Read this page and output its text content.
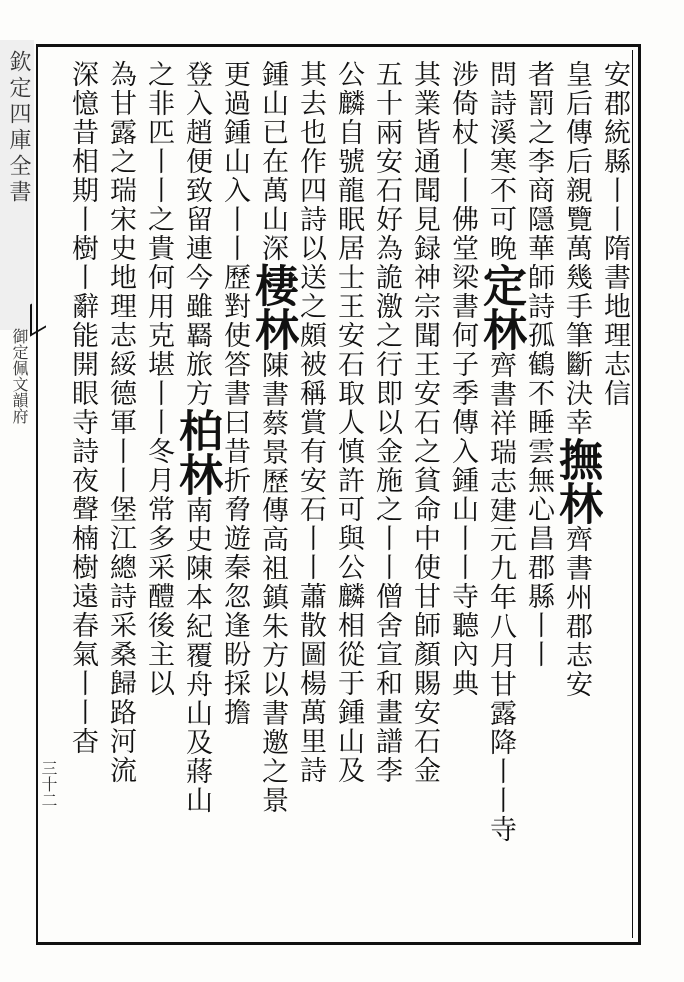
欽定四庫全書
御定佩文韻府	安郡統縣丨丨隋書地理志信
皇后傳后親覽萬幾手筆斷決幸撫林齊書州郡志安
者罰之李商隱華師詩孤鶴不睡雲無心昌郡縣丨丨
問詩溪寒不可晚定林齊書祥瑞志建元九年八月甘露降丨丨寺
涉倚杖丨丨佛堂梁書何子季傳入鍾山丨丨寺聽內典
其業皆通聞見録神宗聞王安石之貧命中使甘師顏賜安石金
五十兩安石好為詭激之行即以金施之丨丨僧舍宣和畫譜李
公麟自號龍眠居士王安石取人慎許可與公麟相從于鍾山及
其去也作四詩以送之頗被稱賞有安石丨丨蕭散圖楊萬里詩
鍾山已在萬山深棲林陳書蔡景歷傳高祖鎮朱方以書邀之景
更過鍾山入丨丨歷對使答書曰昔折脅遊秦忽逢盼採擔
登入趙便致留連今雖羇旅方柏林南史陳本紀覆舟山及蔣山
之非匹丨丨之貴何用克堪丨丨冬月常多采醴後主以
為甘露之瑞宋史地理志綏德軍丨丨堡江總詩采桑歸路河流
深憶昔相期丨樹丨辭能開眼寺詩夜聲楠樹遠春氣丨丨杳
三十二
